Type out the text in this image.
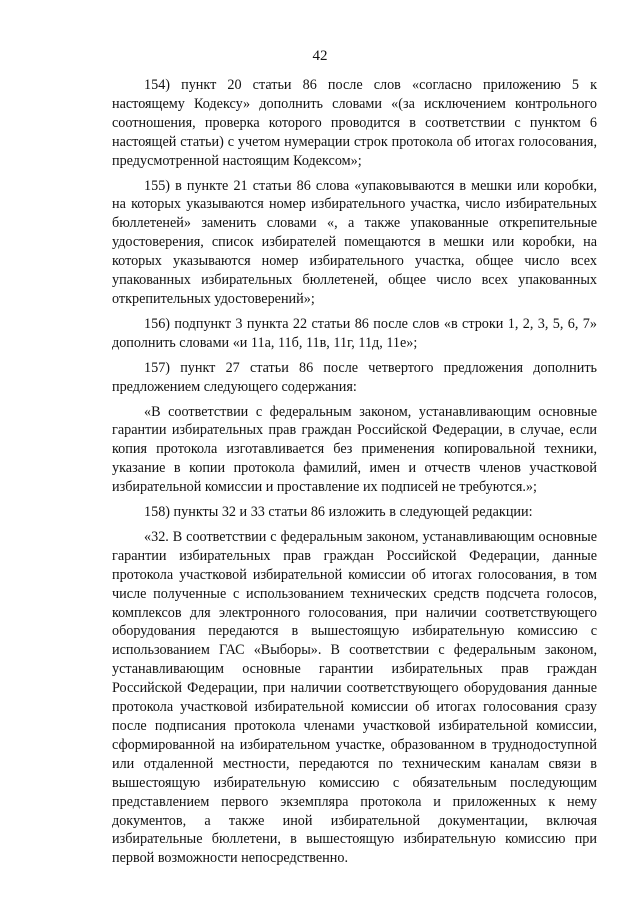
42

154) пункт 20 статьи 86 после слов «согласно приложению 5 к настоящему Кодексу» дополнить словами «(за исключением контрольного соотношения, проверка которого проводится в соответствии с пунктом 6 настоящей статьи) с учетом нумерации строк протокола об итогах голосования, предусмотренной настоящим Кодексом»;

155) в пункте 21 статьи 86 слова «упаковываются в мешки или коробки, на которых указываются номер избирательного участка, число избирательных бюллетеней» заменить словами «, а также упакованные открепительные удостоверения, список избирателей помещаются в мешки или коробки, на которых указываются номер избирательного участка, общее число всех упакованных избирательных бюллетеней, общее число всех упакованных открепительных удостоверений»;

156) подпункт 3 пункта 22 статьи 86 после слов «в строки 1, 2, 3, 5, 6, 7» дополнить словами «и 11а, 11б, 11в, 11г, 11д, 11е»;

157) пункт 27 статьи 86 после четвертого предложения дополнить предложением следующего содержания:

«В соответствии с федеральным законом, устанавливающим основные гарантии избирательных прав граждан Российской Федерации, в случае, если копия протокола изготавливается без применения копировальной техники, указание в копии протокола фамилий, имен и отчеств членов участковой избирательной комиссии и проставление их подписей не требуются.»;

158) пункты 32 и 33 статьи 86 изложить в следующей редакции:

«32. В соответствии с федеральным законом, устанавливающим основные гарантии избирательных прав граждан Российской Федерации, данные протокола участковой избирательной комиссии об итогах голосования, в том числе полученные с использованием технических средств подсчета голосов, комплексов для электронного голосования, при наличии соответствующего оборудования передаются в вышестоящую избирательную комиссию с использованием ГАС «Выборы». В соответствии с федеральным законом, устанавливающим основные гарантии избирательных прав граждан Российской Федерации, при наличии соответствующего оборудования данные протокола участковой избирательной комиссии об итогах голосования сразу после подписания протокола членами участковой избирательной комиссии, сформированной на избирательном участке, образованном в труднодоступной или отдаленной местности, передаются по техническим каналам связи в вышестоящую избирательную комиссию с обязательным последующим представлением первого экземпляра протокола и приложенных к нему документов, а также иной избирательной документации, включая избирательные бюллетени, в вышестоящую избирательную комиссию при первой возможности непосредственно.
